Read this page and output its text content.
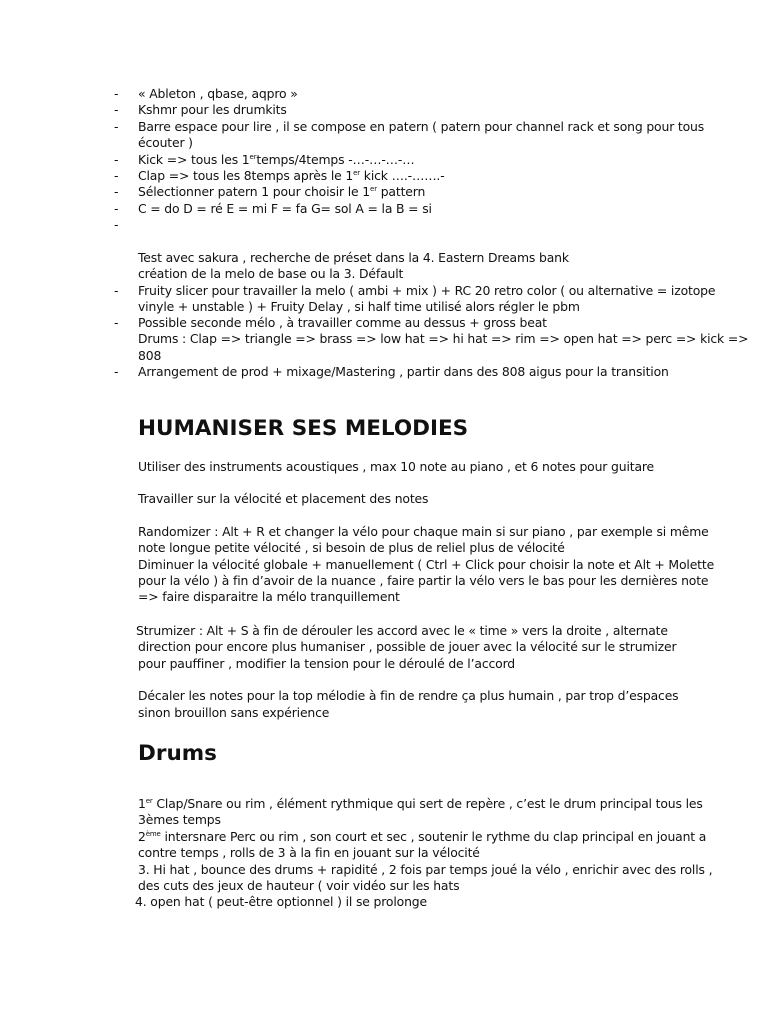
- « Ableton , qbase, aqpro »
- Kshmr pour les drumkits
- Barre espace pour lire , il se compose en patern ( patern pour channel rack et song pour tous
écouter )
- Kick => tous les 1ertemps/4temps -…-…-…-…
- Clap => tous les 8temps après le 1er kick ….-…….-
- Sélectionner patern 1 pour choisir le 1er pattern
- C = do D = ré E = mi F = fa G= sol A = la B = si
-
Test avec sakura , recherche de préset dans la 4. Eastern Dreams bank
création de la melo de base ou la 3. Défault
- Fruity slicer pour travailler la melo ( ambi + mix ) + RC 20 retro color ( ou alternative = izotope
vinyle + unstable ) + Fruity Delay , si half time utilisé alors régler le pbm
- Possible seconde mélo , à travailler comme au dessus + gross beat
Drums : Clap => triangle => brass => low hat => hi hat => rim => open hat => perc => kick =>
808
- Arrangement de prod + mixage/Mastering , partir dans des 808 aigus pour la transition
HUMANISER SES MELODIES
Utiliser des instruments acoustiques , max 10 note au piano , et 6 notes pour guitare
Travailler sur la vélocité et placement des notes
Randomizer : Alt + R et changer la vélo pour chaque main si sur piano , par exemple si même
note longue petite vélocité , si besoin de plus de reliel plus de vélocité
Diminuer la vélocité globale + manuellement ( Ctrl + Click pour choisir la note et Alt + Molette
pour la vélo ) à fin d’avoir de la nuance , faire partir la vélo vers le bas pour les dernières note
=> faire disparaitre la mélo tranquillement
Strumizer : Alt + S à fin de dérouler les accord avec le « time » vers la droite , alternate
direction pour encore plus humaniser , possible de jouer avec la vélocité sur le strumizer
pour pauffiner , modifier la tension pour le déroulé de l’accord
Décaler les notes pour la top mélodie à fin de rendre ça plus humain , par trop d’espaces
sinon brouillon sans expérience
Drums
1er Clap/Snare ou rim , élément rythmique qui sert de repère , c’est le drum principal tous les
3èmes temps
2ème intersnare Perc ou rim , son court et sec , soutenir le rythme du clap principal en jouant a
contre temps , rolls de 3 à la fin en jouant sur la vélocité
3. Hi hat , bounce des drums + rapidité , 2 fois par temps joué la vélo , enrichir avec des rolls ,
des cuts des jeux de hauteur ( voir vidéo sur les hats
4. open hat ( peut-être optionnel ) il se prolonge
